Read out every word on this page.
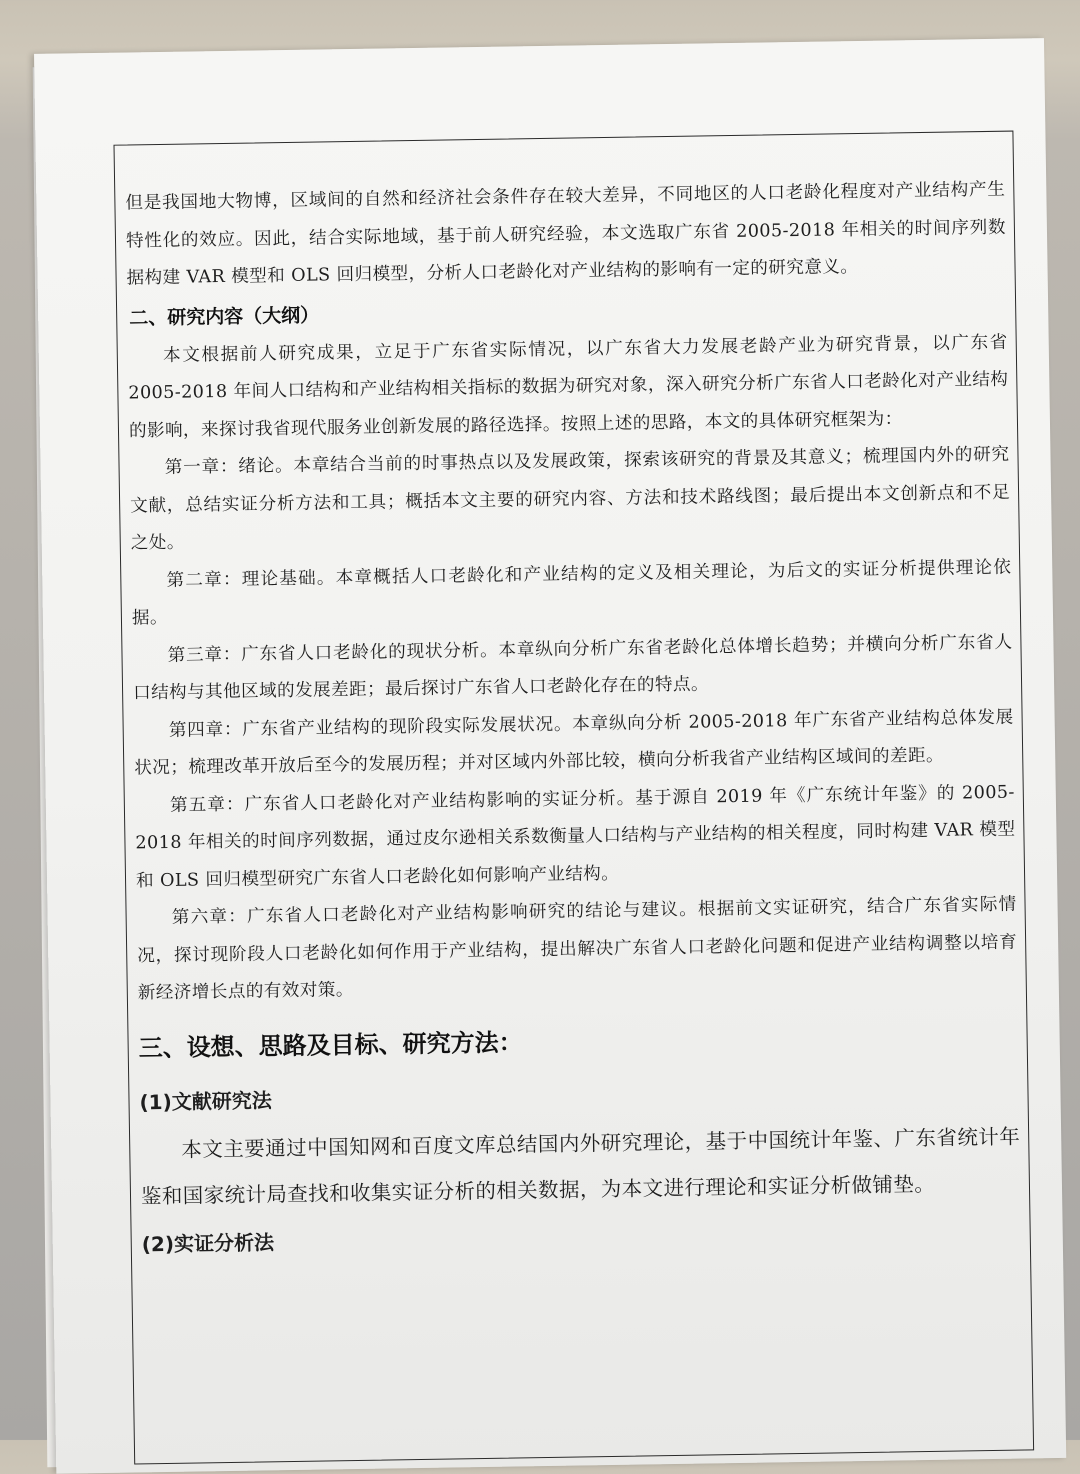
但是我国地大物博，区域间的自然和经济社会条件存在较大差异，不同地区的人口老龄化程度对产业结构产生特性化的效应。因此，结合实际地域，基于前人研究经验，本文选取广东省 2005-2018 年相关的时间序列数据构建 VAR 模型和 OLS 回归模型，分析人口老龄化对产业结构的影响有一定的研究意义。

二、研究内容（大纲）

本文根据前人研究成果，立足于广东省实际情况，以广东省大力发展老龄产业为研究背景，以广东省 2005-2018 年间人口结构和产业结构相关指标的数据为研究对象，深入研究分析广东省人口老龄化对产业结构的影响，来探讨我省现代服务业创新发展的路径选择。按照上述的思路，本文的具体研究框架为：

第一章：绪论。本章结合当前的时事热点以及发展政策，探索该研究的背景及其意义；梳理国内外的研究文献，总结实证分析方法和工具；概括本文主要的研究内容、方法和技术路线图；最后提出本文创新点和不足之处。

第二章：理论基础。本章概括人口老龄化和产业结构的定义及相关理论，为后文的实证分析提供理论依据。

第三章：广东省人口老龄化的现状分析。本章纵向分析广东省老龄化总体增长趋势；并横向分析广东省人口结构与其他区域的发展差距；最后探讨广东省人口老龄化存在的特点。

第四章：广东省产业结构的现阶段实际发展状况。本章纵向分析 2005-2018 年广东省产业结构总体发展状况；梳理改革开放后至今的发展历程；并对区域内外部比较，横向分析我省产业结构区域间的差距。

第五章：广东省人口老龄化对产业结构影响的实证分析。基于源自 2019 年《广东统计年鉴》的 2005-2018 年相关的时间序列数据，通过皮尔逊相关系数衡量人口结构与产业结构的相关程度，同时构建 VAR 模型和 OLS 回归模型研究广东省人口老龄化如何影响产业结构。

第六章：广东省人口老龄化对产业结构影响研究的结论与建议。根据前文实证研究，结合广东省实际情况，探讨现阶段人口老龄化如何作用于产业结构，提出解决广东省人口老龄化问题和促进产业结构调整以培育新经济增长点的有效对策。

三、设想、思路及目标、研究方法：
(1)文献研究法

本文主要通过中国知网和百度文库总结国内外研究理论，基于中国统计年鉴、广东省统计年鉴和国家统计局查找和收集实证分析的相关数据，为本文进行理论和实证分析做铺垫。

(2)实证分析法
